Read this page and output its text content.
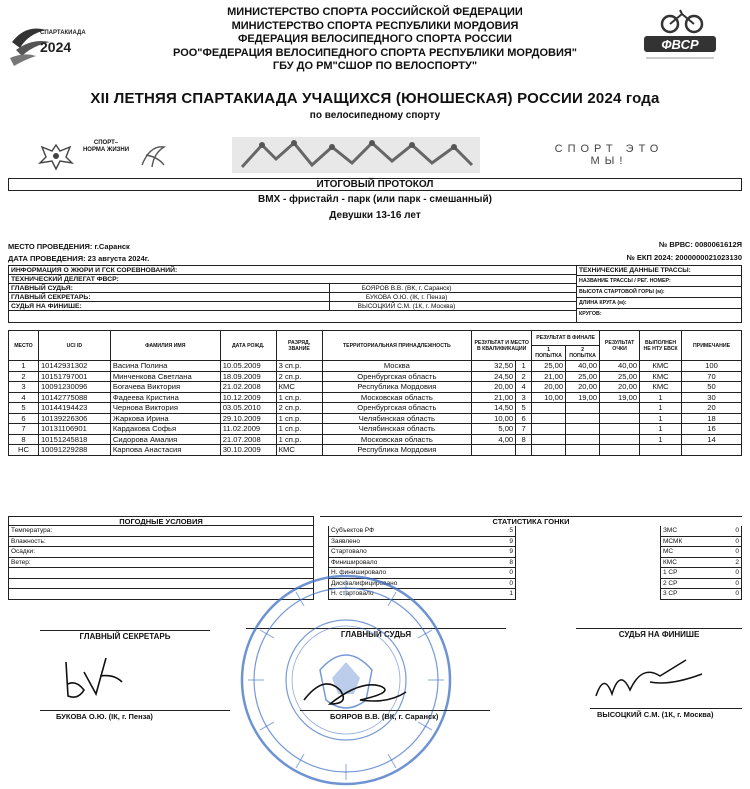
МИНИСТЕРСТВО СПОРТА РОССИЙСКОЙ ФЕДЕРАЦИИ
МИНИСТЕРСТВО СПОРТА РЕСПУБЛИКИ МОРДОВИЯ
ФЕДЕРАЦИЯ ВЕЛОСИПЕДНОГО СПОРТА РОССИИ
РОО"ФЕДЕРАЦИЯ ВЕЛОСИПЕДНОГО СПОРТА РЕСПУБЛИКИ МОРДОВИЯ"
ГБУ ДО РМ"СШОР ПО ВЕЛОСПОРТУ"
СПАРТАКИАДА
2024	ФВСР
XII ЛЕТНЯЯ СПАРТАКИАДА УЧАЩИХСЯ (ЮНОШЕСКАЯ) РОССИИ 2024 года
по велосипедному спорту
СПОРТ– НОРМА ЖИЗНИ	СПОРТ ЭТО МЫ!
ИТОГОВЫЙ ПРОТОКОЛ
BMX - фристайл - парк (или парк - смешанный)
Девушки 13-16 лет
МЕСТО ПРОВЕДЕНИЯ: г.Саранск
ДАТА ПРОВЕДЕНИЯ: 23 августа 2024г.
№ ВРВС: 0080061612Я
№ ЕКП 2024: 2000000021023130
ИНФОРМАЦИЯ О ЖЮРИ И ГСК СОРЕВНОВАНИЙ:
ТЕХНИЧЕСКИЙ ДЕЛЕГАТ ФВСР:
ГЛАВНЫЙ СУДЬЯ:	БОЯРОВ В.В. (ВК, г. Саранск)
ГЛАВНЫЙ СЕКРЕТАРЬ:	БУКОВА О.Ю. (IК, г. Пенза)
СУДЬЯ НА ФИНИШЕ:	ВЫСОЦКИЙ С.М. (1К, г. Москва)
ТЕХНИЧЕСКИЕ ДАННЫЕ ТРАССЫ:
НАЗВАНИЕ ТРАССЫ / РЕГ. НОМЕР:
ВЫСОТА СТАРТОВОЙ ГОРЫ (м):
ДЛИНА КРУГА (м):
КРУГОВ:
МЕСТО	UCI ID	ФАМИЛИЯ ИМЯ	ДАТА РОЖД.	РАЗРЯД, ЗВАНИЕ	ТЕРРИТОРИАЛЬНАЯ ПРИНАДЛЕЖНОСТЬ	РЕЗУЛЬТАТ И МЕСТО В КВАЛИФИКАЦИИ		РЕЗУЛЬТАТ В ФИНАЛЕ		РЕЗУЛЬТАТ ОЧКИ	ВЫПОЛНЕН НЕ НТУ ЕВСК	ПРИМЕЧАНИЕ
								1 ПОПЫТКА	2 ПОПЫТКА			
1	10142931302	Васина Полина	10.05.2009	3 сп.р.	Москва	32,50	1	25,00	40,00	40,00	КМС	100
2	10151797001	Минченкова Светлана	18.09.2009	2 сп.р.	Оренбургская область	24,50	2	21,00	25,00	25,00	КМС	70
3	10091230096	Богачева Виктория	21.02.2008	КМС	Республика Мордовия	20,00	4	20,00	20,00	20,00	КМС	50
4	10142775088	Фадеева Кристина	10.12.2009	1 сп.р.	Московская область	21,00	3	10,00	19,00	19,00	1	30
5	10144194423	Чернова Виктория	03.05.2010	2 сп.р.	Оренбургская область	14,50	5				1	20
6	10139226306	Жаркова Ирина	29.10.2009	1 сп.р.	Челябинская область	10,00	6				1	18
7	10131106901	Кардакова Софья	11.02.2009	1 сп.р.	Челябинская область	5,00	7				1	16
8	10151245818	Сидорова Амалия	21.07.2008	1 сп.р.	Московская область	4,00	8				1	14
НС	10091229288	Карпова Анастасия	30.10.2009	КМС	Республика Мордовия							
ПОГОДНЫЕ УСЛОВИЯ	СТАТИСТИКА ГОНКИ
Температура:
Влажность:
Осадки:
Ветер:
Субъектов РФ	5
Заявлено	9
Стартовало	9
Финишировало	8
Н. финишировало	0
Дисквалифицировано	0
Н. стартовало	1
ЗМС	0
МСМК	0
МС	0
КМС	2
1 СР	0
2 СР	0
3 СР	0
ГЛАВНЫЙ СЕКРЕТАРЬ	ГЛАВНЫЙ СУДЬЯ	СУДЬЯ НА ФИНИШЕ
БУКОВА О.Ю. (IК, г. Пенза)	БОЯРОВ В.В. (ВК, г. Саранск)	ВЫСОЦКИЙ С.М. (1К, г. Москва)
